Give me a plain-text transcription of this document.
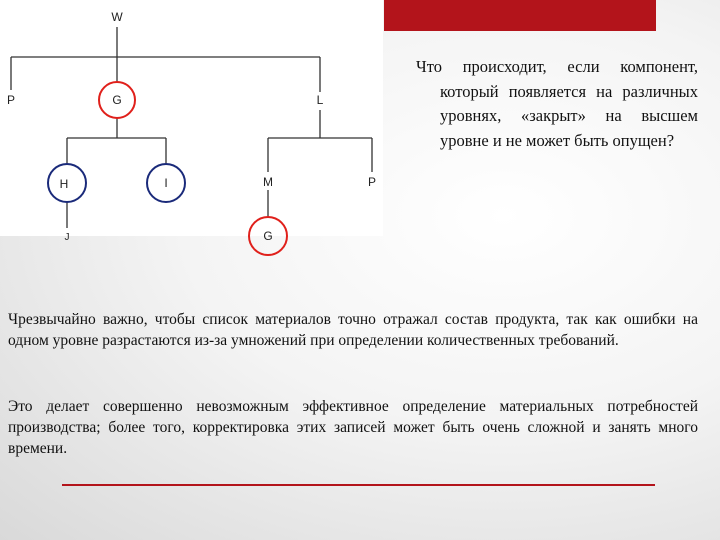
W
P	G	L
H	I	M	P
G
J
Что происходит, если компонент, который появляется на различных уровнях, «закрыт» на высшем уровне и не может быть опущен?
Чрезвычайно важно, чтобы список материалов точно отражал состав продукта, так как ошибки на одном уровне разрастаются из-за умножений при определении количественных требований.
Это делает совершенно невозможным эффективное определение материальных потребностей производства; более того, корректировка этих записей может быть очень сложной и занять много времени.
